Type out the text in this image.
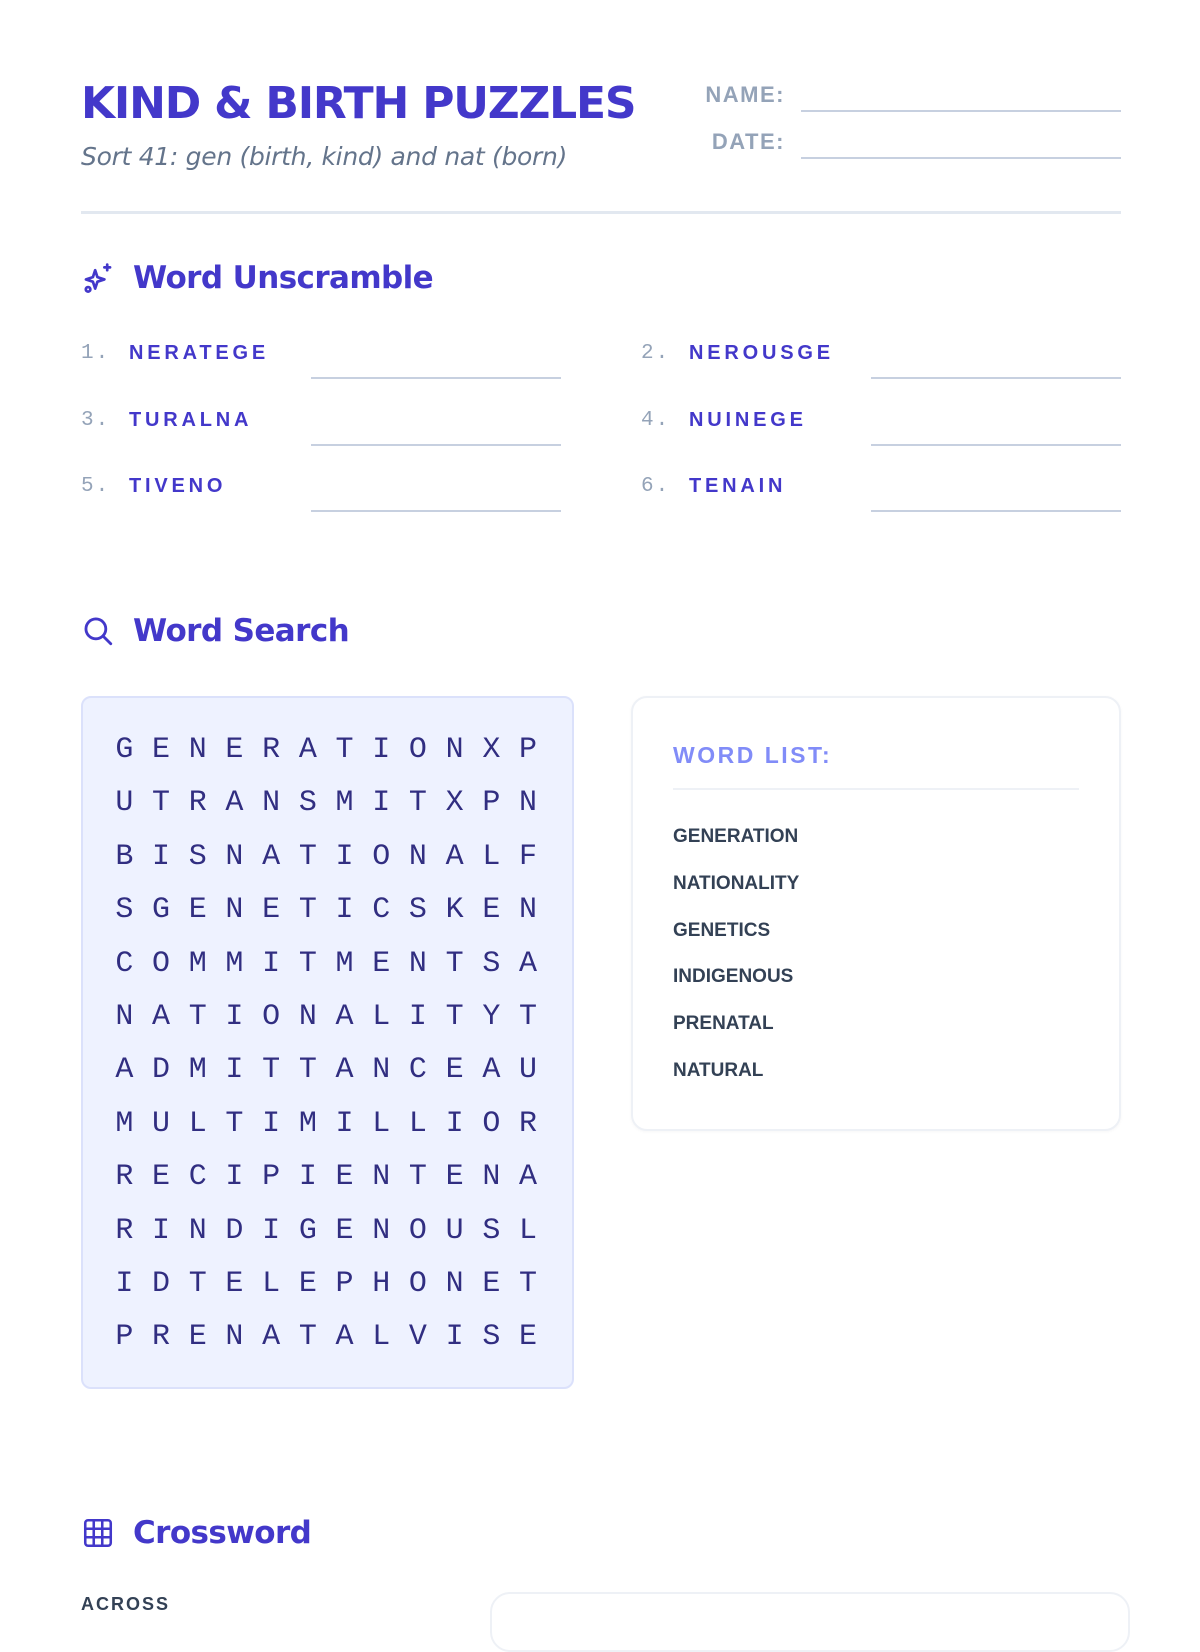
KIND & BIRTH PUZZLES
Sort 41: gen (birth, kind) and nat (born)
NAME:
DATE:
Word Unscramble
1. NERATEGE	2. NEROUSGE
3. TURALNA	4. NUINEGE
5. TIVENO	6. TENAIN
Word Search
G E N E R A T I O N X P
U T R A N S M I T X P N
B I S N A T I O N A L F
S G E N E T I C S K E N
C O M M I T M E N T S A
N A T I O N A L I T Y T
A D M I T T A N C E A U
M U L T I M I L L I O R
R E C I P I E N T E N A
R I N D I G E N O U S L
I D T E L E P H O N E T
P R E N A T A L V I S E
WORD LIST:
GENERATION
NATIONALITY
GENETICS
INDIGENOUS
PRENATAL
NATURAL
Crossword
ACROSS
